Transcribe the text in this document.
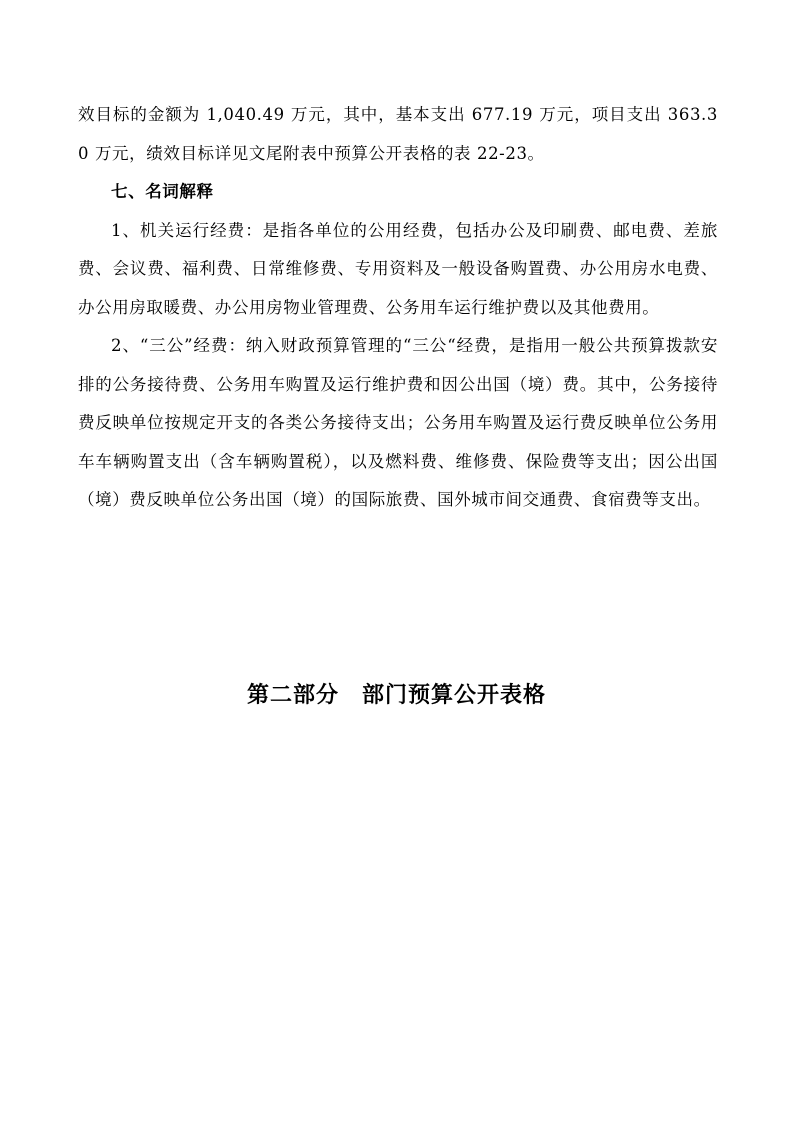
效目标的金额为 1,040.49 万元，其中，基本支出 677.19 万元，项目支出 363.30 万元，绩效目标详见文尾附表中预算公开表格的表 22-23。

七、名词解释

1、机关运行经费：是指各单位的公用经费，包括办公及印刷费、邮电费、差旅费、会议费、福利费、日常维修费、专用资料及一般设备购置费、办公用房水电费、办公用房取暖费、办公用房物业管理费、公务用车运行维护费以及其他费用。

2、“三公”经费：纳入财政预算管理的“三公“经费，是指用一般公共预算拨款安排的公务接待费、公务用车购置及运行维护费和因公出国（境）费。其中，公务接待费反映单位按规定开支的各类公务接待支出；公务用车购置及运行费反映单位公务用车车辆购置支出（含车辆购置税），以及燃料费、维修费、保险费等支出；因公出国（境）费反映单位公务出国（境）的国际旅费、国外城市间交通费、食宿费等支出。

第二部分　部门预算公开表格
